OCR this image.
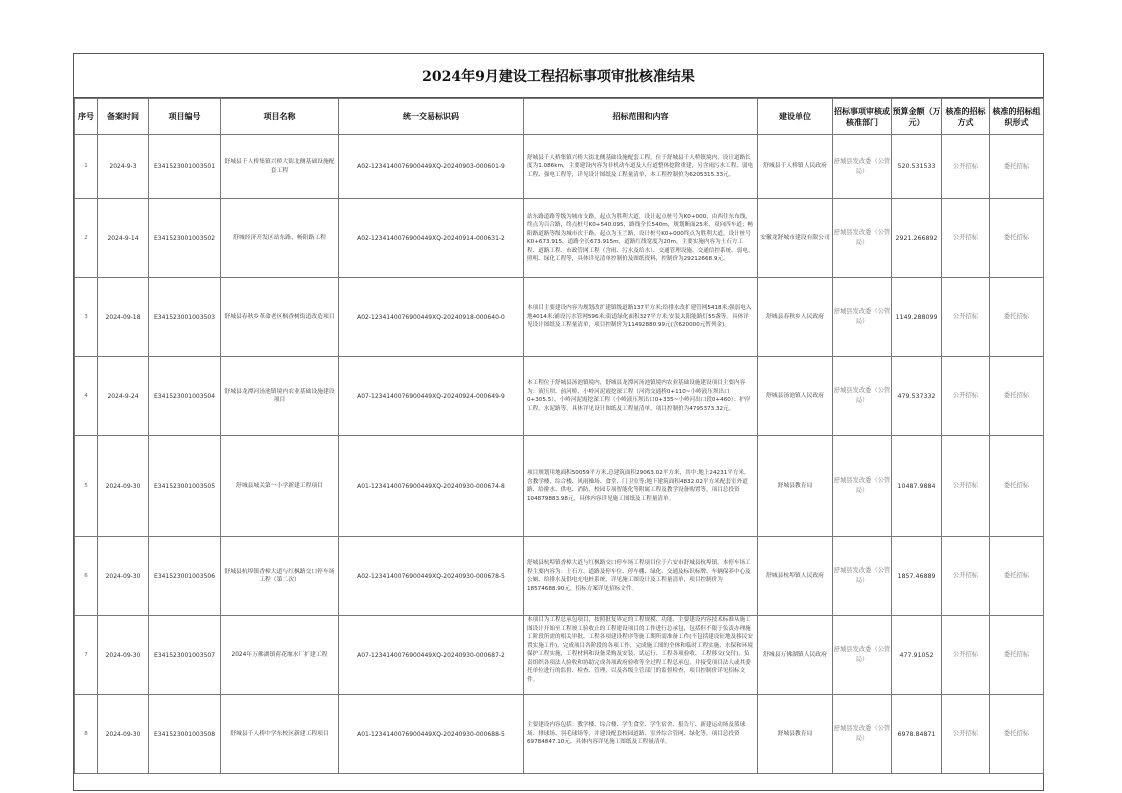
2024年9月建设工程招标事项审批核准结果
序号	备案时间	项目编号	项目名称	统一交易标识码	招标范围和内容	建设单位	招标事项审核或核准部门	预算金额（万元）	核准的招标方式	核准的招标组织形式
1	2024-9-3	E341523001003501	舒城县千人桥集镇兴桥大街北侧基础设施配套工程	A02-1234140076900449XQ-20240903-000601-9	舒城县千人桥集镇兴桥大街北侧基础设施配套工程，位于舒城县千人桥镇境内，设计道路长度为1.086km，主要建设内容为非机动车道及人行道整体挖除重建，另含雨污水工程、弱电工程、强电工程等，详见设计图纸及工程量清单，本工程控制价为6205315.33元。	舒城县千人桥镇人民政府	舒城县发改委（公管局）	520.531533	公开招标	委托招标
2	2024-9-14	E341523001003502	舒城经济开发区站东路、畅阳路工程	A02-1234140076900449XQ-20240914-000631-2	站东路道路等级为城市支路，起点为胜利大道，设计起点桩号为K0+000，由西往东布线，终点为百合路，终点桩号K0+540.095，路线全长540m，规划断面25米，双向四车道；畅阳路道路等级为城市次干路，起点为玉兰路，设计桩号K0+000终点为胜利大道，设计桩号K0+673.915，道路全长673.915m，道路红线宽度为20m。主要实施内容为土石方工程、道路工程、市政管网工程（含雨、污水及给水）、交通管理设施、交通信控系统、弱电、照明、绿化工程等，具体详见清单控制价及图纸资料，控制价为29212668.9元。	安徽龙舒城市建设有限公司	舒城县发改委（公管局）	2921.266892	公开招标	委托招标
3	2024-09-18	E341523001003503	舒城县春秋乡革命老区枫香树街道改造项目	A02-1234140076900449XQ-20240918-000640-0	本项目主要建设内容为规划改扩建镇级道路137平方米;给排水改扩建管网5418米;强弱电入地4014米;铺设污水管网596米;街道绿化面积327平方米;安装太阳能路灯55盏等。具体详见设计图纸及工程量清单，项目控制价为11492880.99元(含620000元暂列金)。	舒城县春秋乡人民政府	舒城县发改委（公管局）	1149.288099	公开招标	委托招标
4	2024-9-24	E341523001003504	舒城县龙潭河汤池镇境内农业基础设施建设项目	A07-1234140076900449XQ-20240924-000649-9	本工程位于舒城县汤池镇境内，舒城县龙潭河汤池镇境内农业基础设施建设项目主要内容为：液压坝、前河桥、小岭河泥霞挖深工程（河湾交通桥0+110~小岭液压坝出口0+305.5）、小岭河泥霞挖深工程（小岭液压坝出口0+335~小岭河出口段0+460）；护岸工程、水泥路等，具体详见设计图纸及工程量清单，项目控制价为4795373.32元。	舒城县汤池镇人民政府	舒城县发改委（公管局）	479.537332	公开招标	委托招标
5	2024-09-30	E341523001003505	舒城县城关第一小学新建工程项目	A01-1234140076900449XQ-20240930-000674-8	项目规划用地面积50059平方米,总建筑面积29063.02平方米，其中:地上24231平方米，含教学楼、综合楼、风雨操场、食堂、门卫室等;地下建筑面积4832.02平方米配套室外道路、给排水、供电、消防、校园专项智能化等附属工程及教学设备购置等，项目总投资104879883.98元，具体内容详见施工图纸及工程量清单。	舒城县教育局	舒城县发改委（公管局）	10487.9884	公开招标	委托招标
6	2024-09-30	E341523001003506	舒城县杭埠镇香樟大道与红枫路交口停车场工程（第二次）	A02-1234140076900449XQ-20240930-000678-5	舒城县杭埠镇香樟大道与红枫路交口停车场工程项目位于六安市舒城县杭埠镇。本停车场工程主要内容为：土石方、道路及停车位、停车棚、绿化、交通及标识标牌、车辆保养中心及公厕、给排水及供电充电桩系统，详见施工图设计及工程量清单，项目控制价为18574688.90元，招标方案详见招标文件。	舒城县杭埠镇人民政府	舒城县发改委（公管局）	1857.46889	公开招标	委托招标
7	2024-09-30	E341523001003507	2024年万佛湖镇荷花堰水厂扩建工程	A07-1234140076900449XQ-20240930-000687-2	本项目为工程总承包项目，按照批复界定的工程规模、功能、主要建设内容技术标准从施工图设计开始至工程竣工验收止的工程建设项目的工作进行总承包，包括但不限于负责办理施工阶段所需的相关审批、工程各项建设程序等施工期所需准备工作(不包括建设征地及移民安置实施工作)，完成项目各阶段的各项工作，完成施工图的全体和临时工程实施、水保和环境保护工程实施，工程材料和设备采购及安装、试运行、工程各项验收、工程移交(交付)，负责组织各项法人验收和协助完成各项政府验收等全过程工程总承包，并接受项目法人或其委托单位进行的监督、检查、管理，以及各级主管部门的监督检查，项目控制价详见招标文件。	舒城县万佛湖镇人民政府	舒城县发改委（公管局）	477.91052	公开招标	委托招标
8	2024-09-30	E341523001003508	舒城县千人桥中学东校区新建工程项目	A01-1234140076900449XQ-20240930-000688-5	主要建设内容包括：教学楼、综合楼、学生食堂、学生宿舍、报告厅、新建运动场及篮球场、排球场、羽毛球场等，并建设配套校园道路、室外综合管网、绿化等，项目总投资69784847.10元，具体内容详见施工图纸及工程量清单。	舒城县教育局	舒城县发改委（公管局）	6978.84871	公开招标	委托招标
